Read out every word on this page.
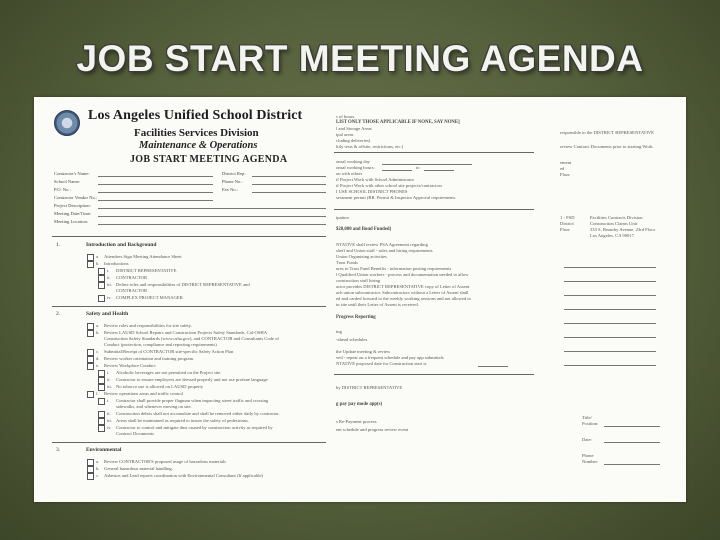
JOB START MEETING AGENDA
Los Angeles Unified School District
Facilities Services Division
Maintenance & Operations
JOB START MEETING AGENDA
Contractor's Name:
School Name:
P.O. No.:
Contractor Vendor No.:
Project Description:
Meeting Date/Time:
Meeting Location:
District Rep:
Phone No.:
Fax No.:
1.	Introduction and Background
a. Attendees Sign Meeting Attendance Sheet
b. Introductions
i. DISTRICT REPRESENTATIVE
ii. CONTRACTOR
iii. Define roles and responsibilities of DISTRICT REPRESENTATIVE and
CONTRACTOR
iv. COMPLEX PROJECT MANAGER
2.	Safety and Health
a. Review roles and responsibilities for site safety.
b. Review LAUSD School Repairs and Construction Projects Safety Standards, Cal-OSHA
Construction Safety Standards (www.osha.gov), and CONTRACTOR and Consultants Code of
Conduct (protection, compliance and reporting requirements)
c. Submittal/Receipt of CONTRACTOR site-specific Safety Action Plan
d. Review worker orientation and training program
e. Review Workplace Conduct
i. Alcoholic beverages are not permitted on the Project site.
ii. Contractor to ensure employees are dressed properly and not use profane language
iii. No tobacco use is allowed on LAUSD property
f. Review operations areas and traffic control
i. Contractor shall provide proper flagman when impacting street traffic and crossing
sidewalks, and whenever moving on site.
ii. Construction debris shall not accumulate and shall be removed either daily by contractor.
iii. Areas shall be maintained as required to insure the safety of pedestrians.
iv. Contractor to control and mitigate dust caused by construction activity as required by
Contract Documents
3.	Environmental
a. Review CONTRACTOR'S proposed usage of hazardous materials
b. General hazardous material handling.
c. Asbestos and Lead reports coordination with Environmental Consultant (If applicable)
s of hours.
LIST ONLY THOSE APPLICABLE IF NONE, SAY NONE]
l and Storage Areas
ipal areas
cluding deliveries)
ltily tests & offsite, restrictions, etc.]
onsal working day
onsal working hours:	to
on with others
if Project Work with School Administrator
if Project Work with other school site projects/contractors
I USE SCHOOL DISTRICT PHONES
sessment permit (BR. Permit & Inspector Approval requirements
ipation
$20,000 and Bond Funded)
NTATIVE shall review PSA Agreement regarding
sheff and Union staff - rules and hiring requirements
Union Organizing activities
Trust Funds
ures to Trust Fund Benefits - information posting requirements
l Qualified Union workers - process and documentation needed to allow
construction staff hiring
actor provides DISTRICT REPRESENTATIVE copy of Letter of Assent
ach union subcontractor. Subcontractors without a Letter of Assent shall
ed and carded forward to the weekly working sessions and not allowed to
in site until their Letter of Assent is received.
Progress Reporting
ing
-ahead schedules
the Update meeting & review
ved - repeat on a frequent schedule and pay app submittals
NTATIVE proposed date for Construction start is
by DISTRICT REPRESENTATIVE
g pay pay mode app(s)
s Re-Payment process
ent schedule and progress review event
responsible to the DISTRICT REPRESENTATIVE
review Contract Documents prior to starting Work.
ement
ed
Floor
1 - FSD
District
Floor
Facilities Contracts Division
Construction Claims Unit
333 S. Beaudry Avenue, 23rd Floor
Los Angeles, CA 90017
Title/
Position:
Date:
Phone
Number:
